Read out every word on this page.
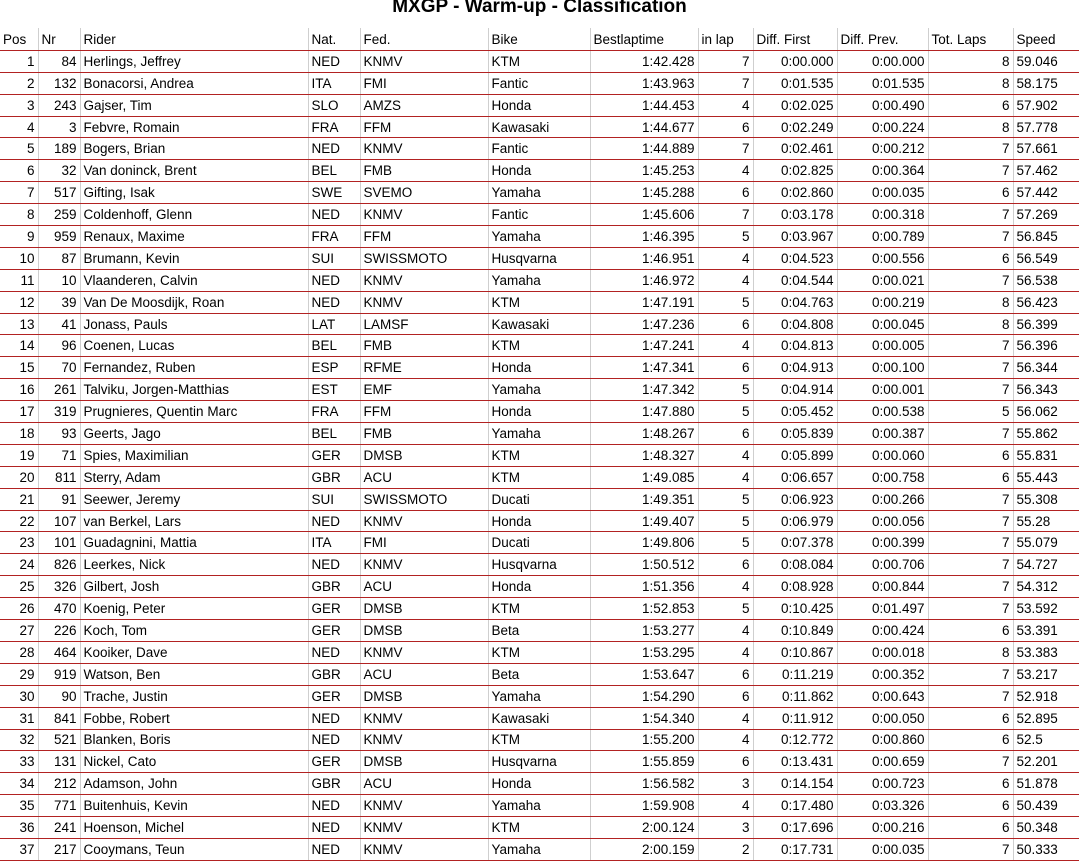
MXGP - Warm-up - Classification
Pos	Nr	Rider	Nat.	Fed.	Bike	Bestlaptime	in lap	Diff. First	Diff. Prev.	Tot. Laps	Speed
1	84	Herlings, Jeffrey	NED	KNMV	KTM	1:42.428	7	0:00.000	0:00.000	8	59.046
2	132	Bonacorsi, Andrea	ITA	FMI	Fantic	1:43.963	7	0:01.535	0:01.535	8	58.175
3	243	Gajser, Tim	SLO	AMZS	Honda	1:44.453	4	0:02.025	0:00.490	6	57.902
4	3	Febvre, Romain	FRA	FFM	Kawasaki	1:44.677	6	0:02.249	0:00.224	8	57.778
5	189	Bogers, Brian	NED	KNMV	Fantic	1:44.889	7	0:02.461	0:00.212	7	57.661
6	32	Van doninck, Brent	BEL	FMB	Honda	1:45.253	4	0:02.825	0:00.364	7	57.462
7	517	Gifting, Isak	SWE	SVEMO	Yamaha	1:45.288	6	0:02.860	0:00.035	6	57.442
8	259	Coldenhoff, Glenn	NED	KNMV	Fantic	1:45.606	7	0:03.178	0:00.318	7	57.269
9	959	Renaux, Maxime	FRA	FFM	Yamaha	1:46.395	5	0:03.967	0:00.789	7	56.845
10	87	Brumann, Kevin	SUI	SWISSMOTO	Husqvarna	1:46.951	4	0:04.523	0:00.556	6	56.549
11	10	Vlaanderen, Calvin	NED	KNMV	Yamaha	1:46.972	4	0:04.544	0:00.021	7	56.538
12	39	Van De Moosdijk, Roan	NED	KNMV	KTM	1:47.191	5	0:04.763	0:00.219	8	56.423
13	41	Jonass, Pauls	LAT	LAMSF	Kawasaki	1:47.236	6	0:04.808	0:00.045	8	56.399
14	96	Coenen, Lucas	BEL	FMB	KTM	1:47.241	4	0:04.813	0:00.005	7	56.396
15	70	Fernandez, Ruben	ESP	RFME	Honda	1:47.341	6	0:04.913	0:00.100	7	56.344
16	261	Talviku, Jorgen-Matthias	EST	EMF	Yamaha	1:47.342	5	0:04.914	0:00.001	7	56.343
17	319	Prugnieres, Quentin Marc	FRA	FFM	Honda	1:47.880	5	0:05.452	0:00.538	5	56.062
18	93	Geerts, Jago	BEL	FMB	Yamaha	1:48.267	6	0:05.839	0:00.387	7	55.862
19	71	Spies, Maximilian	GER	DMSB	KTM	1:48.327	4	0:05.899	0:00.060	6	55.831
20	811	Sterry, Adam	GBR	ACU	KTM	1:49.085	4	0:06.657	0:00.758	6	55.443
21	91	Seewer, Jeremy	SUI	SWISSMOTO	Ducati	1:49.351	5	0:06.923	0:00.266	7	55.308
22	107	van Berkel, Lars	NED	KNMV	Honda	1:49.407	5	0:06.979	0:00.056	7	55.28
23	101	Guadagnini, Mattia	ITA	FMI	Ducati	1:49.806	5	0:07.378	0:00.399	7	55.079
24	826	Leerkes, Nick	NED	KNMV	Husqvarna	1:50.512	6	0:08.084	0:00.706	7	54.727
25	326	Gilbert, Josh	GBR	ACU	Honda	1:51.356	4	0:08.928	0:00.844	7	54.312
26	470	Koenig, Peter	GER	DMSB	KTM	1:52.853	5	0:10.425	0:01.497	7	53.592
27	226	Koch, Tom	GER	DMSB	Beta	1:53.277	4	0:10.849	0:00.424	6	53.391
28	464	Kooiker, Dave	NED	KNMV	KTM	1:53.295	4	0:10.867	0:00.018	8	53.383
29	919	Watson, Ben	GBR	ACU	Beta	1:53.647	6	0:11.219	0:00.352	7	53.217
30	90	Trache, Justin	GER	DMSB	Yamaha	1:54.290	6	0:11.862	0:00.643	7	52.918
31	841	Fobbe, Robert	NED	KNMV	Kawasaki	1:54.340	4	0:11.912	0:00.050	6	52.895
32	521	Blanken, Boris	NED	KNMV	KTM	1:55.200	4	0:12.772	0:00.860	6	52.5
33	131	Nickel, Cato	GER	DMSB	Husqvarna	1:55.859	6	0:13.431	0:00.659	7	52.201
34	212	Adamson, John	GBR	ACU	Honda	1:56.582	3	0:14.154	0:00.723	6	51.878
35	771	Buitenhuis, Kevin	NED	KNMV	Yamaha	1:59.908	4	0:17.480	0:03.326	6	50.439
36	241	Hoenson, Michel	NED	KNMV	KTM	2:00.124	3	0:17.696	0:00.216	6	50.348
37	217	Cooymans, Teun	NED	KNMV	Yamaha	2:00.159	2	0:17.731	0:00.035	7	50.333
